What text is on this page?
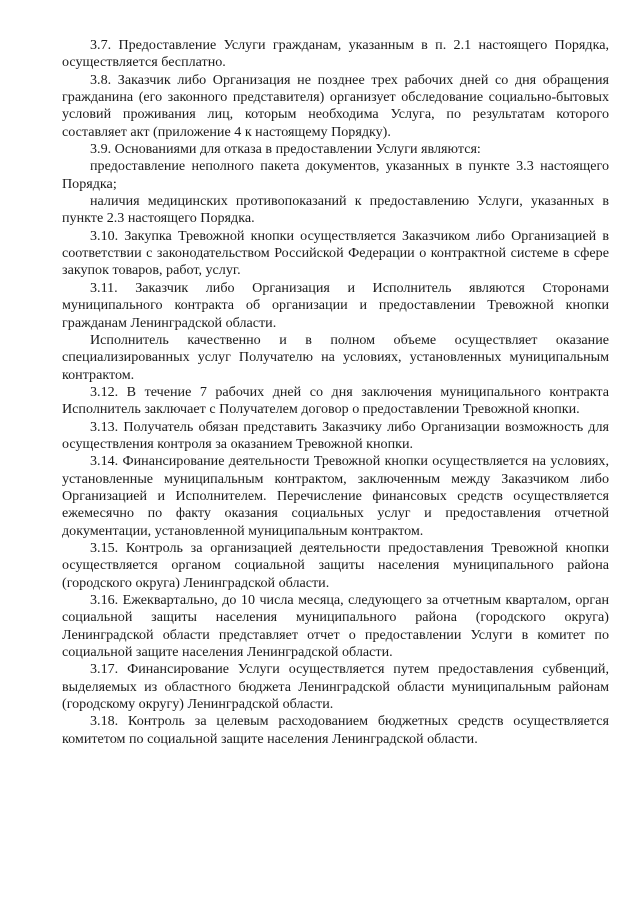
3.7. Предоставление Услуги гражданам, указанным в п. 2.1 настоящего Порядка, осуществляется бесплатно.

3.8. Заказчик либо Организация не позднее трех рабочих дней со дня обращения гражданина (его законного представителя) организует обследование социально-бытовых условий проживания лиц, которым необходима Услуга, по результатам которого составляет акт (приложение 4 к настоящему Порядку).

3.9. Основаниями для отказа в предоставлении Услуги являются:

предоставление неполного пакета документов, указанных в пункте 3.3 настоящего Порядка;

наличия медицинских противопоказаний к предоставлению Услуги, указанных в пункте 2.3 настоящего Порядка.

3.10. Закупка Тревожной кнопки осуществляется Заказчиком либо Организацией в соответствии с законодательством Российской Федерации о контрактной системе в сфере закупок товаров, работ, услуг.

3.11. Заказчик либо Организация и Исполнитель являются Сторонами муниципального контракта об организации и предоставлении Тревожной кнопки гражданам Ленинградской области.

Исполнитель качественно и в полном объеме осуществляет оказание специализированных услуг Получателю на условиях, установленных муниципальным контрактом.

3.12. В течение 7 рабочих дней со дня заключения муниципального контракта Исполнитель заключает с Получателем договор о предоставлении Тревожной кнопки.

3.13. Получатель обязан представить Заказчику либо Организации возможность для осуществления контроля за оказанием Тревожной кнопки.

3.14. Финансирование деятельности Тревожной кнопки осуществляется на условиях, установленные муниципальным контрактом, заключенным между Заказчиком либо Организацией и Исполнителем. Перечисление финансовых средств осуществляется ежемесячно по факту оказания социальных услуг и предоставления отчетной документации, установленной муниципальным контрактом.

3.15. Контроль за организацией деятельности предоставления Тревожной кнопки осуществляется органом социальной защиты населения муниципального района (городского округа) Ленинградской области.

3.16. Ежеквартально, до 10 числа месяца, следующего за отчетным кварталом, орган социальной защиты населения муниципального района (городского округа) Ленинградской области представляет отчет о предоставлении Услуги в комитет по социальной защите населения Ленинградской области.

3.17. Финансирование Услуги осуществляется путем предоставления субвенций, выделяемых из областного бюджета Ленинградской области муниципальным районам (городскому округу) Ленинградской области.

3.18. Контроль за целевым расходованием бюджетных средств осуществляется комитетом по социальной защите населения Ленинградской области.
